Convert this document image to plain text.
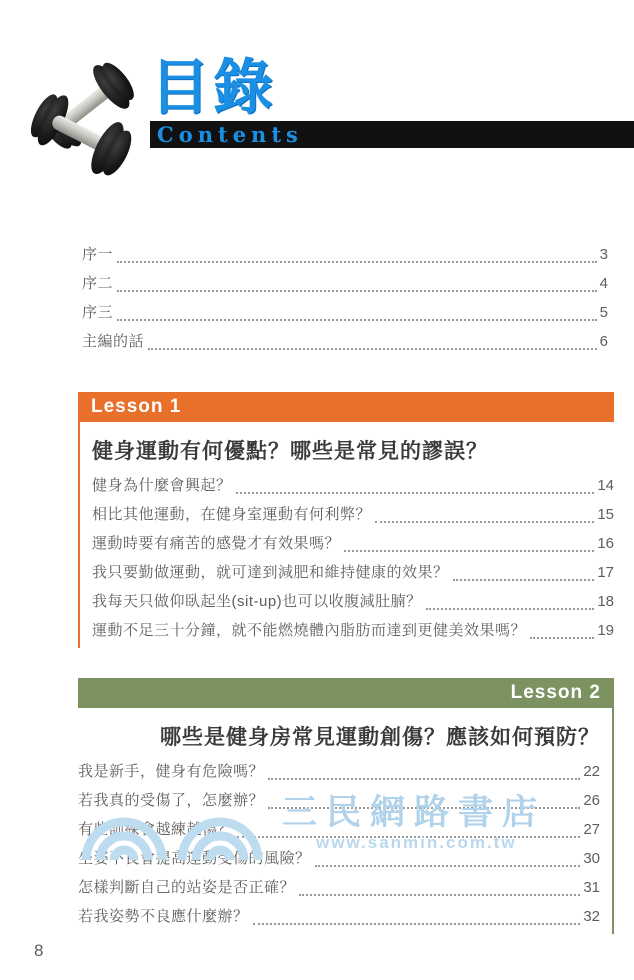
目錄
Contents
序一	3
序二	4
序三	5
主編的話	6
Lesson 1
健身運動有何優點？哪些是常見的謬誤？
健身為什麼會興起？	14
相比其他運動，在健身室運動有何利弊？	15
運動時要有痛苦的感覺才有效果嗎？	16
我只要勤做運動，就可達到減肥和維持健康的效果？	17
我每天只做仰臥起坐(sit-up)也可以收腹減肚腩？	18
運動不足三十分鐘，就不能燃燒體內脂肪而達到更健美效果嗎？	19
Lesson 2
哪些是健身房常見運動創傷？應該如何預防？
我是新手，健身有危險嗎？	22
若我真的受傷了，怎麼辦？	26
有些訓練會越練越傷？	27
坐姿不良會提高運動受傷的風險？	30
怎樣判斷自己的站姿是否正確？	31
若我姿勢不良應什麼辦？	32
三民網路書店
www.sanmin.com.tw
8
